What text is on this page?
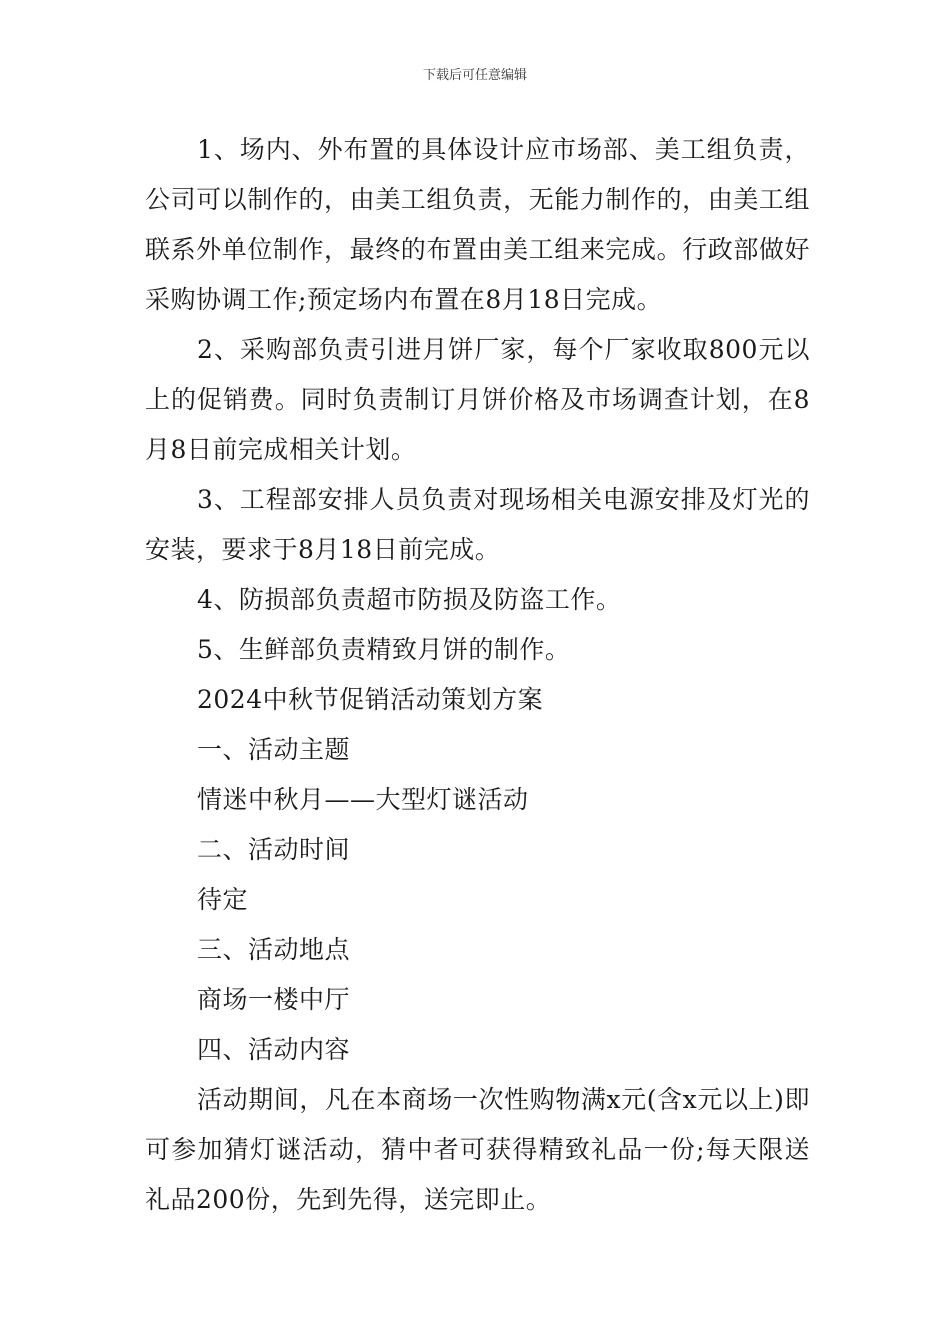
下载后可任意编辑

1、场内、外布置的具体设计应市场部、美工组负责，公司可以制作的，由美工组负责，无能力制作的，由美工组联系外单位制作，最终的布置由美工组来完成。行政部做好采购协调工作;预定场内布置在8月18日完成。

2、采购部负责引进月饼厂家，每个厂家收取800元以上的促销费。同时负责制订月饼价格及市场调查计划，在8月8日前完成相关计划。

3、工程部安排人员负责对现场相关电源安排及灯光的安装，要求于8月18日前完成。

4、防损部负责超市防损及防盗工作。

5、生鲜部负责精致月饼的制作。

2024中秋节促销活动策划方案

一、活动主题

情迷中秋月——大型灯谜活动

二、活动时间

待定

三、活动地点

商场一楼中厅

四、活动内容

活动期间，凡在本商场一次性购物满x元(含x元以上)即可参加猜灯谜活动，猜中者可获得精致礼品一份;每天限送礼品200份，先到先得，送完即止。
